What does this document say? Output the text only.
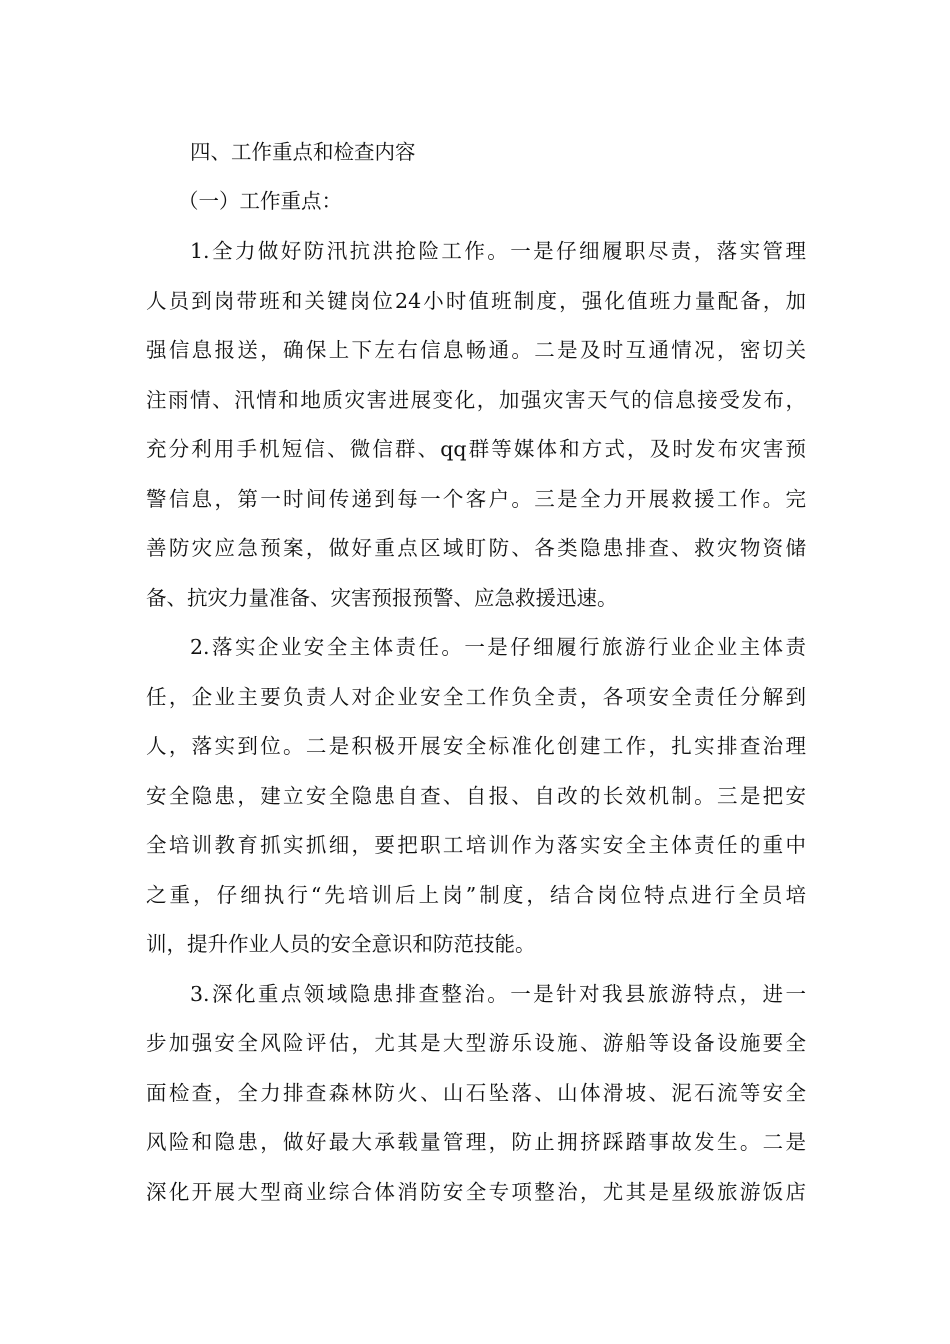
四、工作重点和检查内容
（一）工作重点：
1.全力做好防汛抗洪抢险工作。一是仔细履职尽责，落实管理
人员到岗带班和关键岗位24小时值班制度，强化值班力量配备，加
强信息报送，确保上下左右信息畅通。二是及时互通情况，密切关
注雨情、汛情和地质灾害进展变化，加强灾害天气的信息接受发布，
充分利用手机短信、微信群、qq群等媒体和方式，及时发布灾害预
警信息，第一时间传递到每一个客户。三是全力开展救援工作。完
善防灾应急预案，做好重点区域盯防、各类隐患排查、救灾物资储
备、抗灾力量准备、灾害预报预警、应急救援迅速。
2.落实企业安全主体责任。一是仔细履行旅游行业企业主体责
任，企业主要负责人对企业安全工作负全责，各项安全责任分解到
人，落实到位。二是积极开展安全标准化创建工作，扎实排查治理
安全隐患，建立安全隐患自查、自报、自改的长效机制。三是把安
全培训教育抓实抓细，要把职工培训作为落实安全主体责任的重中
之重，仔细执行“先培训后上岗”制度，结合岗位特点进行全员培
训，提升作业人员的安全意识和防范技能。
3.深化重点领域隐患排查整治。一是针对我县旅游特点，进一
步加强安全风险评估，尤其是大型游乐设施、游船等设备设施要全
面检查，全力排查森林防火、山石坠落、山体滑坡、泥石流等安全
风险和隐患，做好最大承载量管理，防止拥挤踩踏事故发生。二是
深化开展大型商业综合体消防安全专项整治，尤其是星级旅游饭店
